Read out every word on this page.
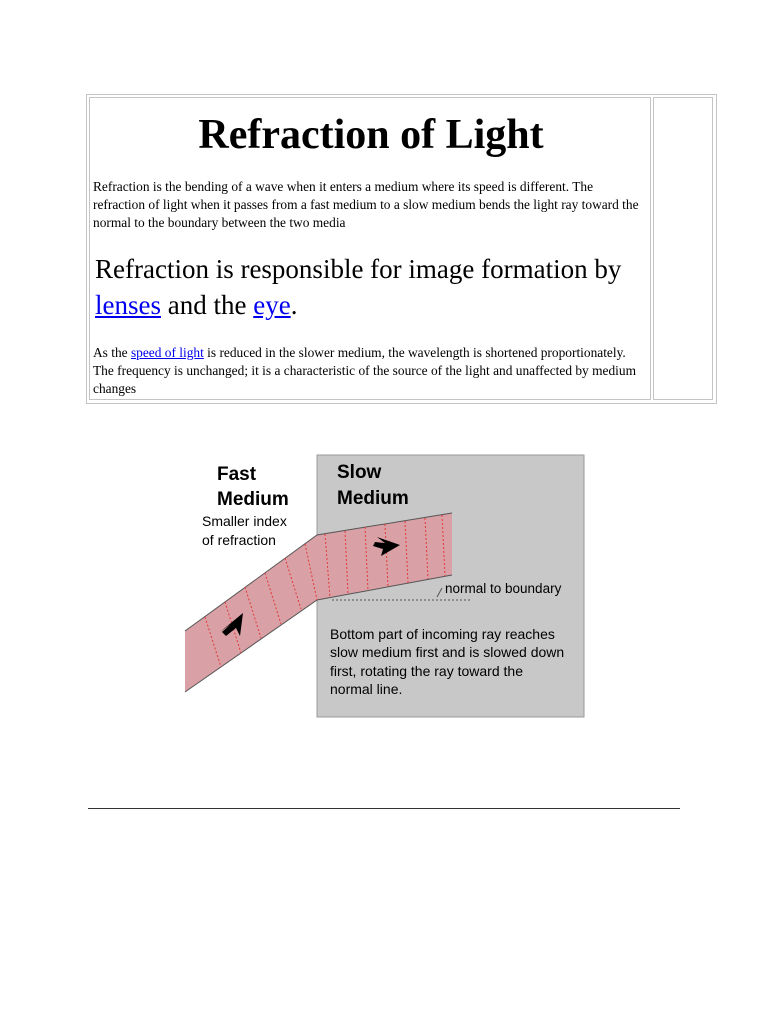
Refraction of Light

Refraction is the bending of a wave when it enters a medium where its speed is different. The refraction of light when it passes from a fast medium to a slow medium bends the light ray toward the normal to the boundary between the two media

Refraction is responsible for image formation by lenses and the eye.

As the speed of light is reduced in the slower medium, the wavelength is shortened proportionately. The frequency is unchanged; it is a characteristic of the source of the light and unaffected by medium changes

Fast
Medium
Smaller index
of refraction
Slow
Medium
normal to boundary
Bottom part of incoming ray reaches
slow medium first and is slowed down
first, rotating the ray toward the
normal line.
